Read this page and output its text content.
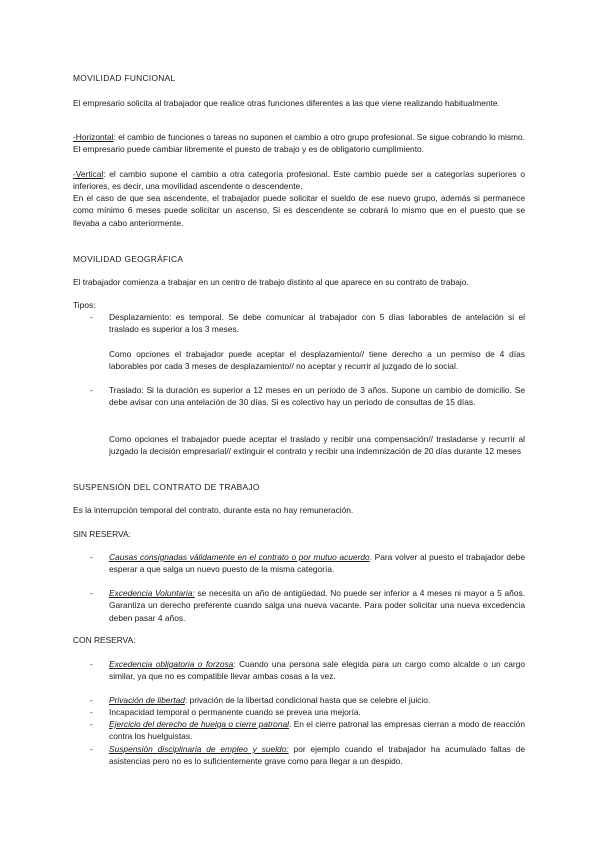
MOVILIDAD FUNCIONAL
El empresario solicita al trabajador que realice otras funciones diferentes a las que viene realizando habitualmente.
-Horizontal: el cambio de funciones o tareas no suponen el cambio a otro grupo profesional. Se sigue cobrando lo mismo. El empresario puede cambiar libremente el puesto de trabajo y es de obligatorio cumplimiento.
-Vertical: el cambio supone el cambio a otra categoría profesional. Este cambio puede ser a categorías superiores o inferiores, es decir, una movilidad ascendente o descendente.
En el caso de que sea ascendente, el trabajador puede solicitar el sueldo de ese nuevo grupo, además si permanece como mínimo 6 meses puede solicitar un ascenso, Si es descendente se cobrará lo mismo que en el puesto que se llevaba a cabo anteriormente.
MOVILIDAD GEOGRÁFICA
El trabajador comienza a trabajar en un centro de trabajo distinto al que aparece en su contrato de trabajo.
Tipos:
-	Desplazamiento: es temporal. Se debe comunicar al trabajador con 5 días laborables de antelación si el traslado es superior a los 3 meses.
Como opciones el trabajador puede aceptar el desplazamiento// tiene derecho a un permiso de 4 días laborables por cada 3 meses de desplazamiento// no aceptar y recurrir al juzgado de lo social.
-	Traslado: Si la duración es superior a 12 meses en un periodo de 3 años. Supone un cambio de domicilio. Se debe avisar con una antelación de 30 días. Si es colectivo hay un periodo de consultas de 15 días.
Como opciones el trabajador puede aceptar el traslado y recibir una compensación// trasladarse y recurrir al juzgado la decisión empresarial// extinguir el contrato y recibir una indemnización de 20 días durante 12 meses
SUSPENSIÓN DEL CONTRATO DE TRABAJO
Es la interrupción temporal del contrato, durante esta no hay remuneración.
SIN RESERVA:
-	Causas consignadas válidamente en el contrato o por mutuo acuerdo. Para volver al puesto el trabajador debe esperar a que salga un nuevo puesto de la misma categoría.
-	Excedencia Voluntaria: se necesita un año de antigüedad. No puede ser inferior a 4 meses ni mayor a 5 años. Garantiza un derecho preferente cuando salga una nueva vacante. Para poder solicitar una nueva excedencia deben pasar 4 años.
CON RESERVA:
-	Excedencia obligatoria o forzosa: Cuando una persona sale elegida para un cargo como alcalde o un cargo similar, ya que no es compatible llevar ambas cosas a la vez.
-	Privación de libertad: privación de la libertad condicional hasta que se celebre el juicio.
-	Incapacidad temporal o permanente cuando se prevea una mejoría.
-	Ejercicio del derecho de huelga o cierre patronal. En el cierre patronal las empresas cierran a modo de reacción contra los huelguistas.
-	Suspensión disciplinaria de empleo y sueldo: por ejemplo cuando el trabajador ha acumulado faltas de asistencias pero no es lo suficientemente grave como para llegar a un despido.
